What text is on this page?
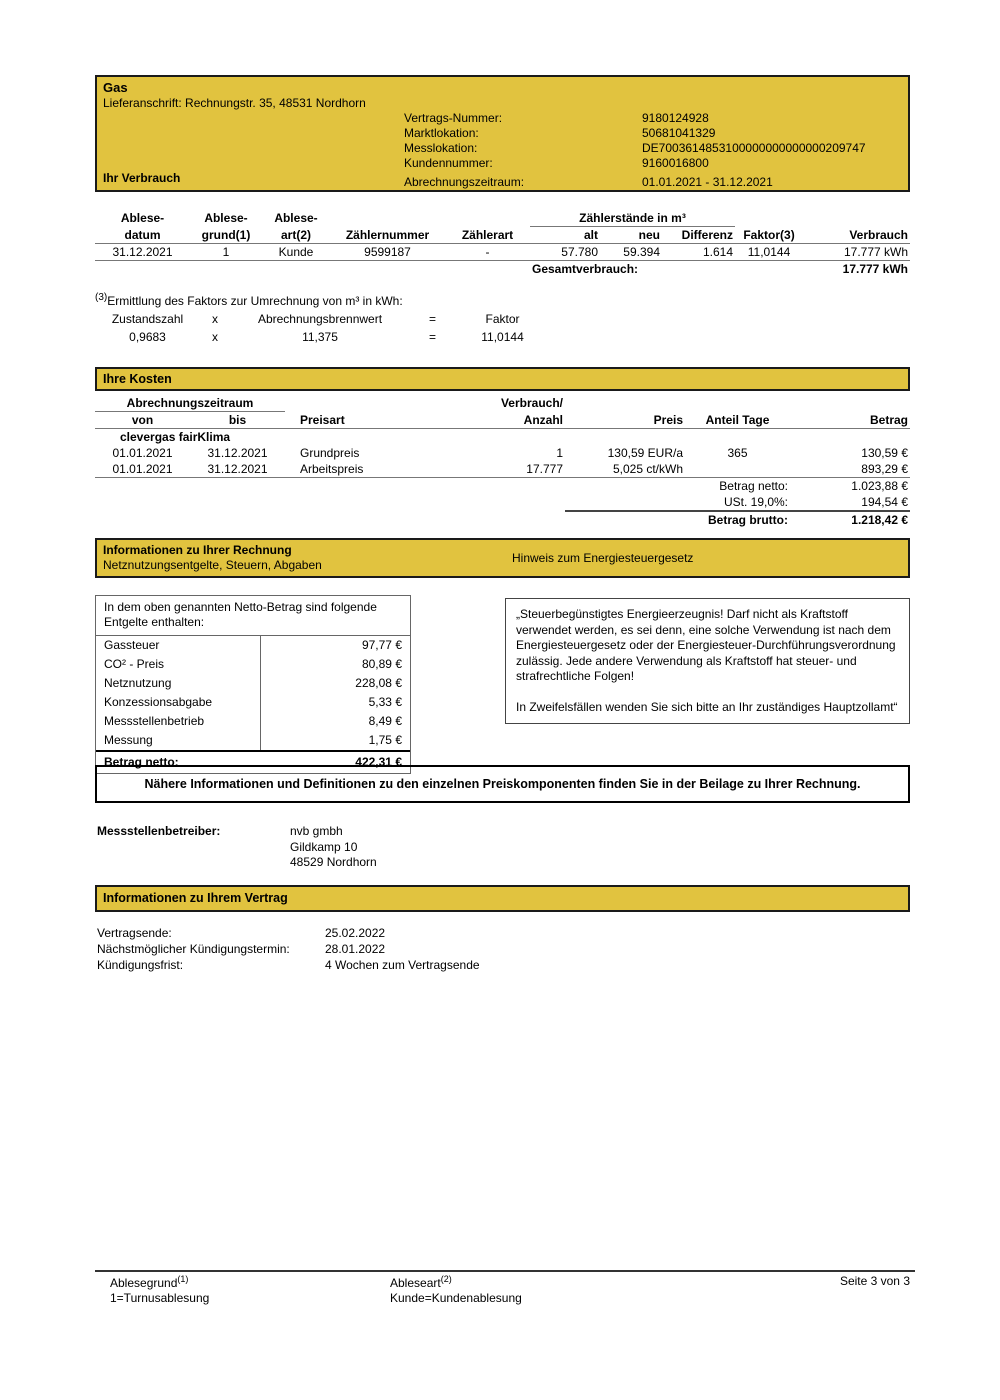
Gas
Lieferanschrift: Rechnungstr. 35, 48531 Nordhorn
Vertrags-Nummer:	9180124928
Marktlokation:	50681041329
Messlokation:	DE7003614853100000000000000209747
Kundennummer:	9160016800
Abrechnungszeitraum:	01.01.2021 - 31.12.2021
Ihr Verbrauch
Ablese-	Ablese-	Ablese-			Zählerstände in m³				
datum	grund(1)	art(2)	Zählernummer	Zählerart	alt	neu	Differenz	Faktor(3)	Verbrauch
31.12.2021	1	Kunde	9599187	-	57.780	59.394	1.614	11,0144	17.777 kWh
					Gesamtverbrauch:				17.777 kWh
$^{(3)}$Ermittlung des Faktors zur Umrechnung von m³ in kWh:
Zustandszahl	x	Abrechnungsbrennwert	=	Faktor
0,9683	x	11,375	=	11,0144
Ihre Kosten
Abrechnungszeitraum			Verbrauch/			
von	bis	Preisart	Anzahl	Preis	Anteil Tage	Betrag
clevergas fairKlima						
01.01.2021	31.12.2021	Grundpreis	1	130,59 EUR/a	365	130,59 €
01.01.2021	31.12.2021	Arbeitspreis	17.777	5,025 ct/kWh		893,29 €
				Betrag netto:		1.023,88 €
				USt. 19,0%:		194,54 €
				Betrag brutto:		1.218,42 €
Informationen zu Ihrer Rechnung
Netznutzungsentgelte, Steuern, Abgaben	Hinweis zum Energiesteuergesetz
In dem oben genannten Netto-Betrag sind folgende Entgelte enthalten:
Gassteuer	97,77 €
CO² - Preis	80,89 €
Netznutzung	228,08 €
Konzessionsabgabe	5,33 €
Messstellenbetrieb	8,49 €
Messung	1,75 €
Betrag netto:	422,31 €

„Steuerbegünstigtes Energieerzeugnis! Darf nicht als Kraftstoff verwendet werden, es sei denn, eine solche Verwendung ist nach dem Energiesteuergesetz oder der Energiesteuer-Durchführungsverordnung zulässig. Jede andere Verwendung als Kraftstoff hat steuer- und strafrechtliche Folgen!

In Zweifelsfällen wenden Sie sich bitte an Ihr zuständiges Hauptzollamt“

Nähere Informationen und Definitionen zu den einzelnen Preiskomponenten finden Sie in der Beilage zu Ihrer Rechnung.
Messstellenbetreiber:	nvb gmbh
Gildkamp 10
48529 Nordhorn
Informationen zu Ihrem Vertrag
Vertragsende:	25.02.2022
Nächstmöglicher Kündigungstermin:	28.01.2022
Kündigungsfrist:	4 Wochen zum Vertragsende
Ablesegrund$^{(1)}$
1=Turnusablesung
Ableseart$^{(2)}$
Kunde=Kundenablesung
Seite 3 von 3
